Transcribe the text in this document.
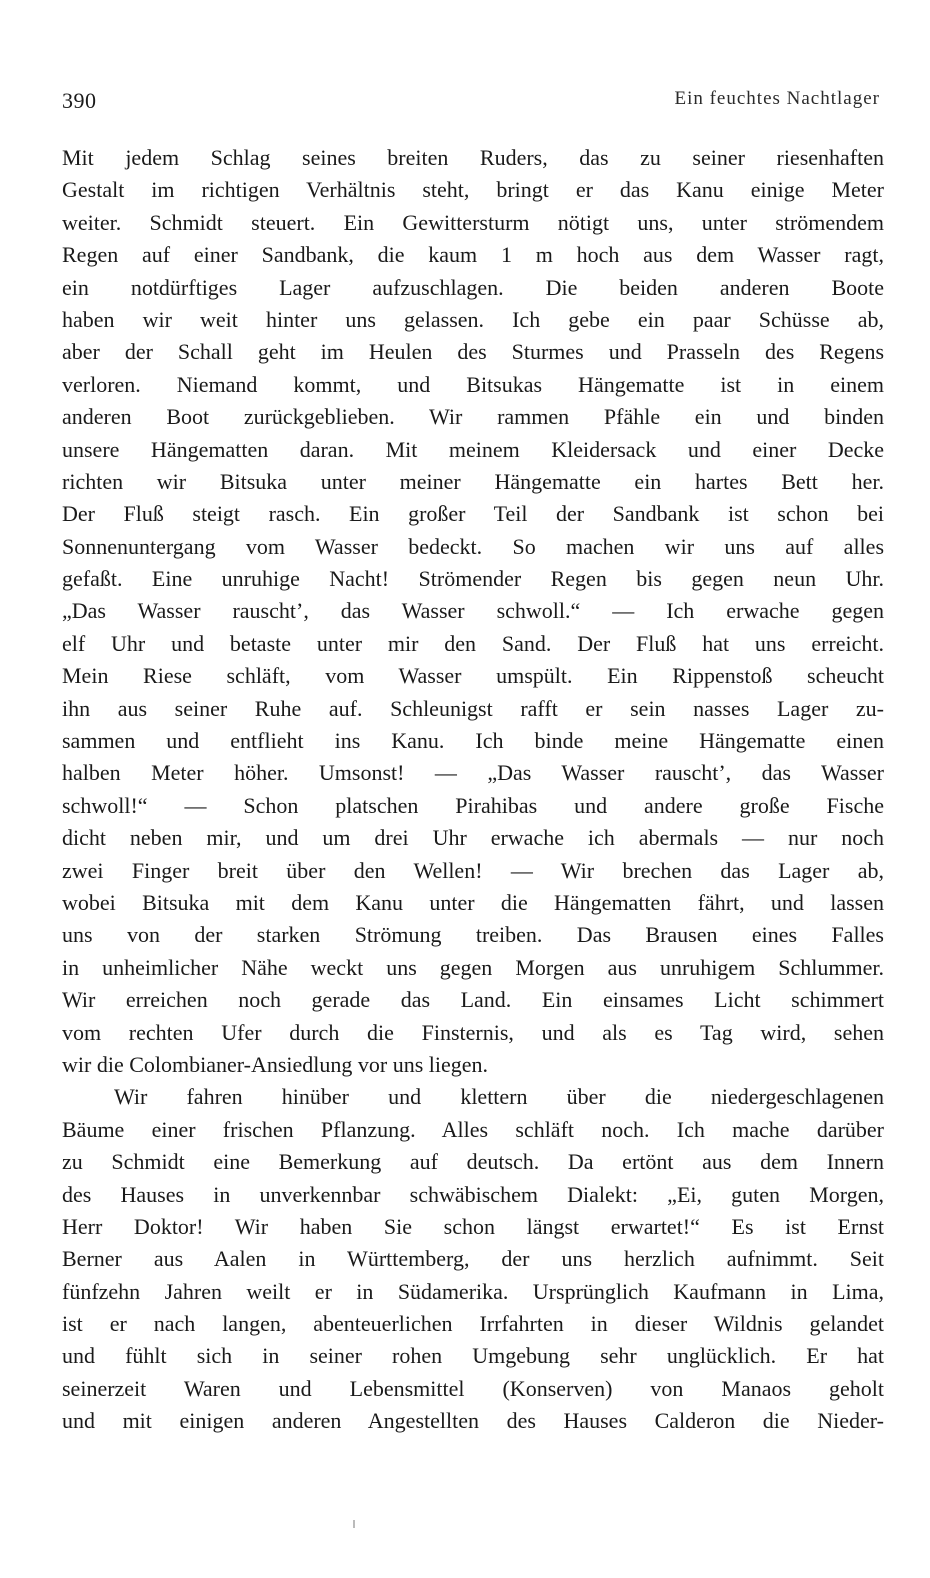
390	Ein feuchtes Nachtlager
Mit jedem Schlag seines breiten Ruders, das zu seiner riesenhaften
Gestalt im richtigen Verhältnis steht, bringt er das Kanu einige Meter
weiter. Schmidt steuert. Ein Gewittersturm nötigt uns, unter strömendem
Regen auf einer Sandbank, die kaum 1 m hoch aus dem Wasser ragt,
ein notdürftiges Lager aufzuschlagen. Die beiden anderen Boote
haben wir weit hinter uns gelassen. Ich gebe ein paar Schüsse ab,
aber der Schall geht im Heulen des Sturmes und Prasseln des Regens
verloren. Niemand kommt, und Bitsukas Hängematte ist in einem
anderen Boot zurückgeblieben. Wir rammen Pfähle ein und binden
unsere Hängematten daran. Mit meinem Kleidersack und einer Decke
richten wir Bitsuka unter meiner Hängematte ein hartes Bett her.
Der Fluß steigt rasch. Ein großer Teil der Sandbank ist schon bei
Sonnenuntergang vom Wasser bedeckt. So machen wir uns auf alles
gefaßt. Eine unruhige Nacht! Strömender Regen bis gegen neun Uhr.
„Das Wasser rauscht’, das Wasser schwoll.“ — Ich erwache gegen
elf Uhr und betaste unter mir den Sand. Der Fluß hat uns erreicht.
Mein Riese schläft, vom Wasser umspült. Ein Rippenstoß scheucht
ihn aus seiner Ruhe auf. Schleunigst rafft er sein nasses Lager zu-
sammen und entflieht ins Kanu. Ich binde meine Hängematte einen
halben Meter höher. Umsonst! — „Das Wasser rauscht’, das Wasser
schwoll!“ — Schon platschen Pirahibas und andere große Fische
dicht neben mir, und um drei Uhr erwache ich abermals — nur noch
zwei Finger breit über den Wellen! — Wir brechen das Lager ab,
wobei Bitsuka mit dem Kanu unter die Hängematten fährt, und lassen
uns von der starken Strömung treiben. Das Brausen eines Falles
in unheimlicher Nähe weckt uns gegen Morgen aus unruhigem Schlummer.
Wir erreichen noch gerade das Land. Ein einsames Licht schimmert
vom rechten Ufer durch die Finsternis, und als es Tag wird, sehen
wir die Colombianer-Ansiedlung vor uns liegen.
Wir fahren hinüber und klettern über die niedergeschlagenen
Bäume einer frischen Pflanzung. Alles schläft noch. Ich mache darüber
zu Schmidt eine Bemerkung auf deutsch. Da ertönt aus dem Innern
des Hauses in unverkennbar schwäbischem Dialekt: „Ei, guten Morgen,
Herr Doktor! Wir haben Sie schon längst erwartet!“ Es ist Ernst
Berner aus Aalen in Württemberg, der uns herzlich aufnimmt. Seit
fünfzehn Jahren weilt er in Südamerika. Ursprünglich Kaufmann in Lima,
ist er nach langen, abenteuerlichen Irrfahrten in dieser Wildnis gelandet
und fühlt sich in seiner rohen Umgebung sehr unglücklich. Er hat
seinerzeit Waren und Lebensmittel (Konserven) von Manaos geholt
und mit einigen anderen Angestellten des Hauses Calderon die Nieder-
